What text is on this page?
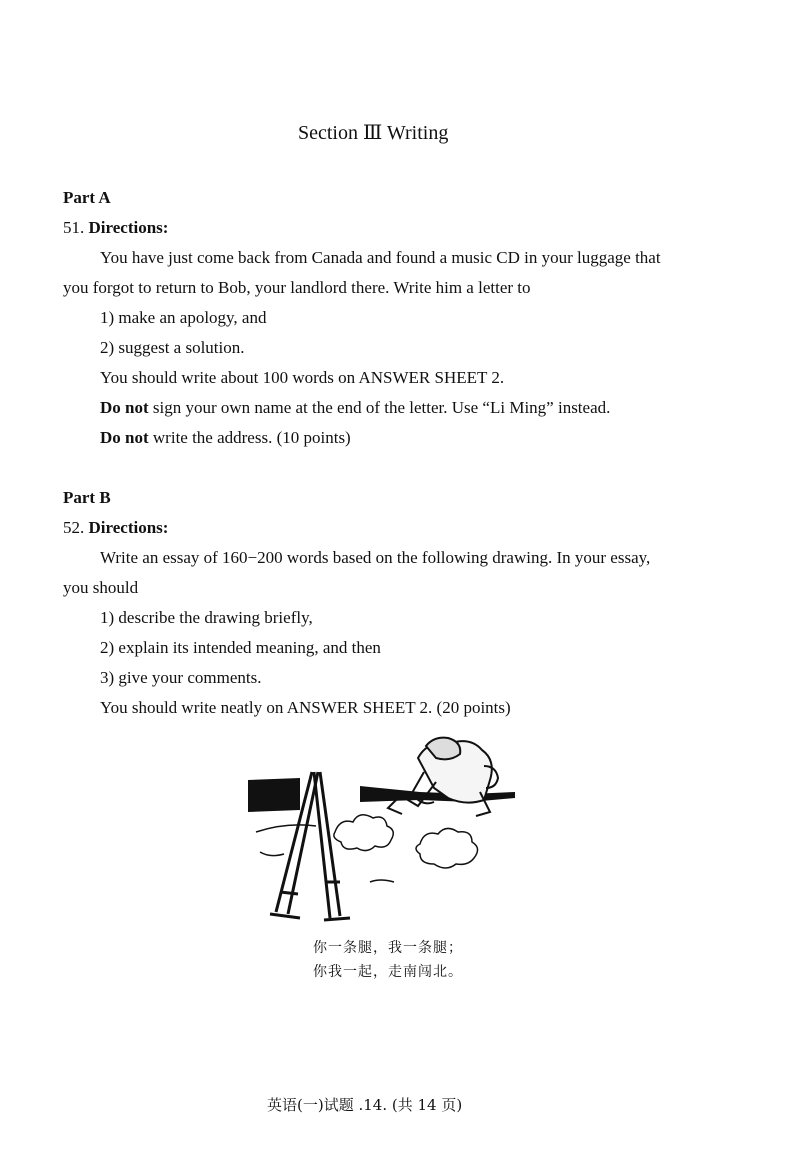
Section Ⅲ Writing
Part A
51. Directions:
You have just come back from Canada and found a music CD in your luggage that
you forgot to return to Bob, your landlord there. Write him a letter to
1) make an apology, and
2) suggest a solution.
You should write about 100 words on ANSWER SHEET 2.
Do not sign your own name at the end of the letter. Use “Li Ming” instead.
Do not write the address. (10 points)
Part B
52. Directions:
Write an essay of 160−200 words based on the following drawing. In your essay,
you should
1) describe the drawing briefly,
2) explain its intended meaning, and then
3) give your comments.
You should write neatly on ANSWER SHEET 2. (20 points)
你一条腿，我一条腿；
你我一起，走南闯北。
英语(一)试题 .14. (共 14 页)
